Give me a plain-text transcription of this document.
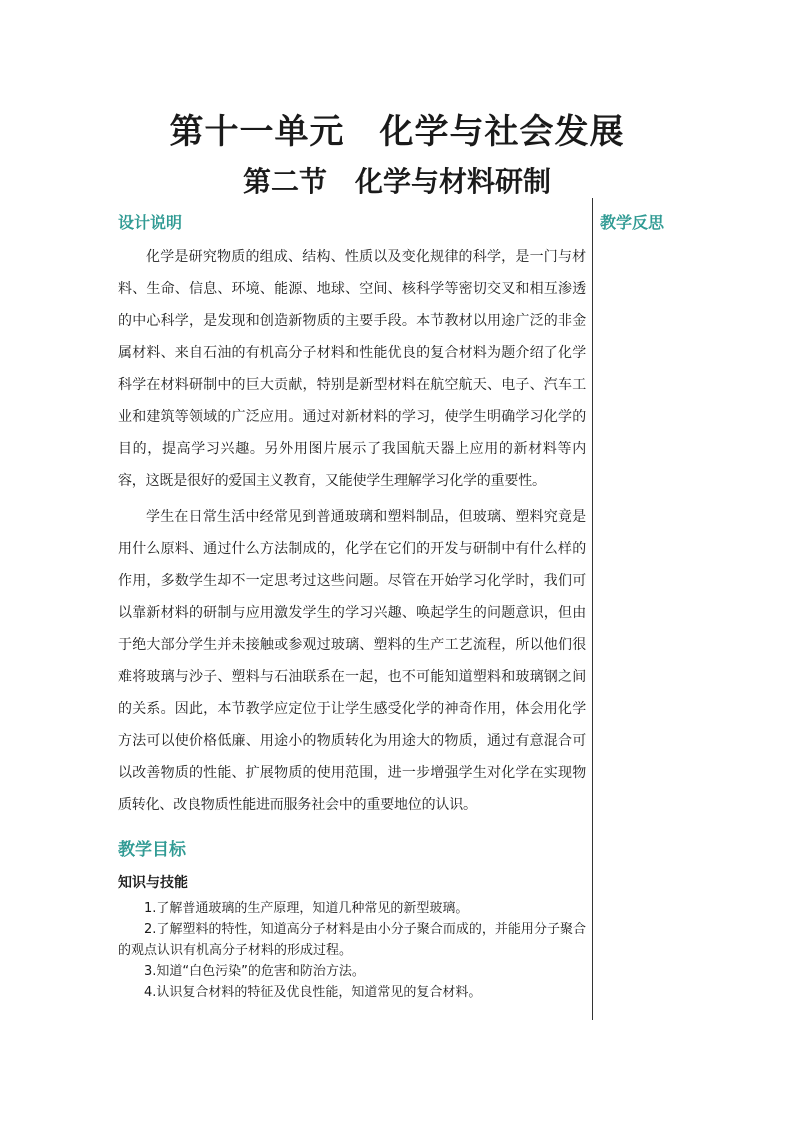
第十一单元　化学与社会发展
第二节　化学与材料研制
教学反思
设计说明

化学是研究物质的组成、结构、性质以及变化规律的科学，是一门与材料、生命、信息、环境、能源、地球、空间、核科学等密切交叉和相互渗透的中心科学，是发现和创造新物质的主要手段。本节教材以用途广泛的非金属材料、来自石油的有机高分子材料和性能优良的复合材料为题介绍了化学科学在材料研制中的巨大贡献，特别是新型材料在航空航天、电子、汽车工业和建筑等领域的广泛应用。通过对新材料的学习，使学生明确学习化学的目的，提高学习兴趣。另外用图片展示了我国航天器上应用的新材料等内容，这既是很好的爱国主义教育，又能使学生理解学习化学的重要性。

学生在日常生活中经常见到普通玻璃和塑料制品，但玻璃、塑料究竟是用什么原料、通过什么方法制成的，化学在它们的开发与研制中有什么样的作用，多数学生却不一定思考过这些问题。尽管在开始学习化学时，我们可以靠新材料的研制与应用激发学生的学习兴趣、唤起学生的问题意识，但由于绝大部分学生并未接触或参观过玻璃、塑料的生产工艺流程，所以他们很难将玻璃与沙子、塑料与石油联系在一起，也不可能知道塑料和玻璃钢之间的关系。因此，本节教学应定位于让学生感受化学的神奇作用，体会用化学方法可以使价格低廉、用途小的物质转化为用途大的物质，通过有意混合可以改善物质的性能、扩展物质的使用范围，进一步增强学生对化学在实现物质转化、改良物质性能进而服务社会中的重要地位的认识。

教学目标
知识与技能

1.了解普通玻璃的生产原理，知道几种常见的新型玻璃。

2.了解塑料的特性，知道高分子材料是由小分子聚合而成的，并能用分子聚合的观点认识有机高分子材料的形成过程。

3.知道“白色污染”的危害和防治方法。

4.认识复合材料的特征及优良性能，知道常见的复合材料。
